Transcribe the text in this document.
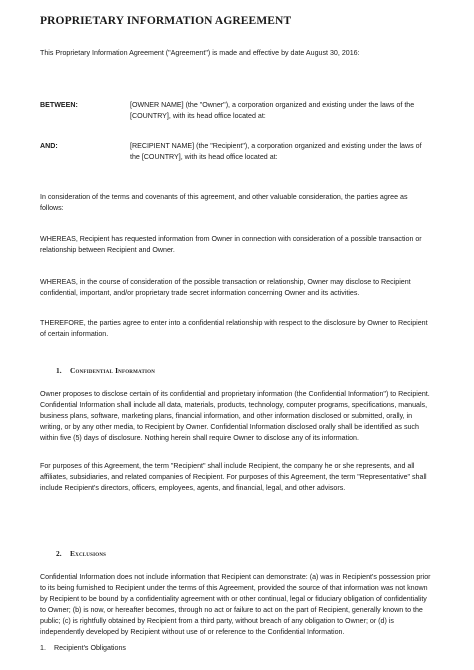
PROPRIETARY INFORMATION AGREEMENT

This Proprietary Information Agreement ("Agreement") is made and effective by date August 30, 2016:

BETWEEN:	[OWNER NAME] (the "Owner"), a corporation organized and existing under the laws of the [COUNTRY], with its head office located at:
AND:	[RECIPIENT NAME] (the "Recipient"), a corporation organized and existing under the laws of the [COUNTRY], with its head office located at:

In consideration of the terms and covenants of this agreement, and other valuable consideration, the parties agree as follows:

WHEREAS, Recipient has requested information from Owner in connection with consideration of a possible transaction or relationship between Recipient and Owner.

WHEREAS, in the course of consideration of the possible transaction or relationship, Owner may disclose to Recipient confidential, important, and/or proprietary trade secret information concerning Owner and its activities.

THEREFORE, the parties agree to enter into a confidential relationship with respect to the disclosure by Owner to Recipient of certain information.

1. Confidential Information

Owner proposes to disclose certain of its confidential and proprietary information (the Confidential Information") to Recipient. Confidential Information shall include all data, materials, products, technology, computer programs, specifications, manuals, business plans, software, marketing plans, financial information, and other information disclosed or submitted, orally, in writing, or by any other media, to Recipient by Owner. Confidential Information disclosed orally shall be identified as such within five (5) days of disclosure. Nothing herein shall require Owner to disclose any of its information.

For purposes of this Agreement, the term "Recipient" shall include Recipient, the company he or she represents, and all affiliates, subsidiaries, and related companies of Recipient. For purposes of this Agreement, the term "Representative" shall include Recipient's directors, officers, employees, agents, and financial, legal, and other advisors.

2. Exclusions

Confidential Information does not include information that Recipient can demonstrate: (a) was in Recipient's possession prior to its being furnished to Recipient under the terms of this Agreement, provided the source of that information was not known by Recipient to be bound by a confidentiality agreement with or other continual, legal or fiduciary obligation of confidentiality to Owner; (b) is now, or hereafter becomes, through no act or failure to act on the part of Recipient, generally known to the public; (c) is rightfully obtained by Recipient from a third party, without breach of any obligation to Owner; or (d) is independently developed by Recipient without use of or reference to the Confidential Information.

1. Recipient's Obligations
